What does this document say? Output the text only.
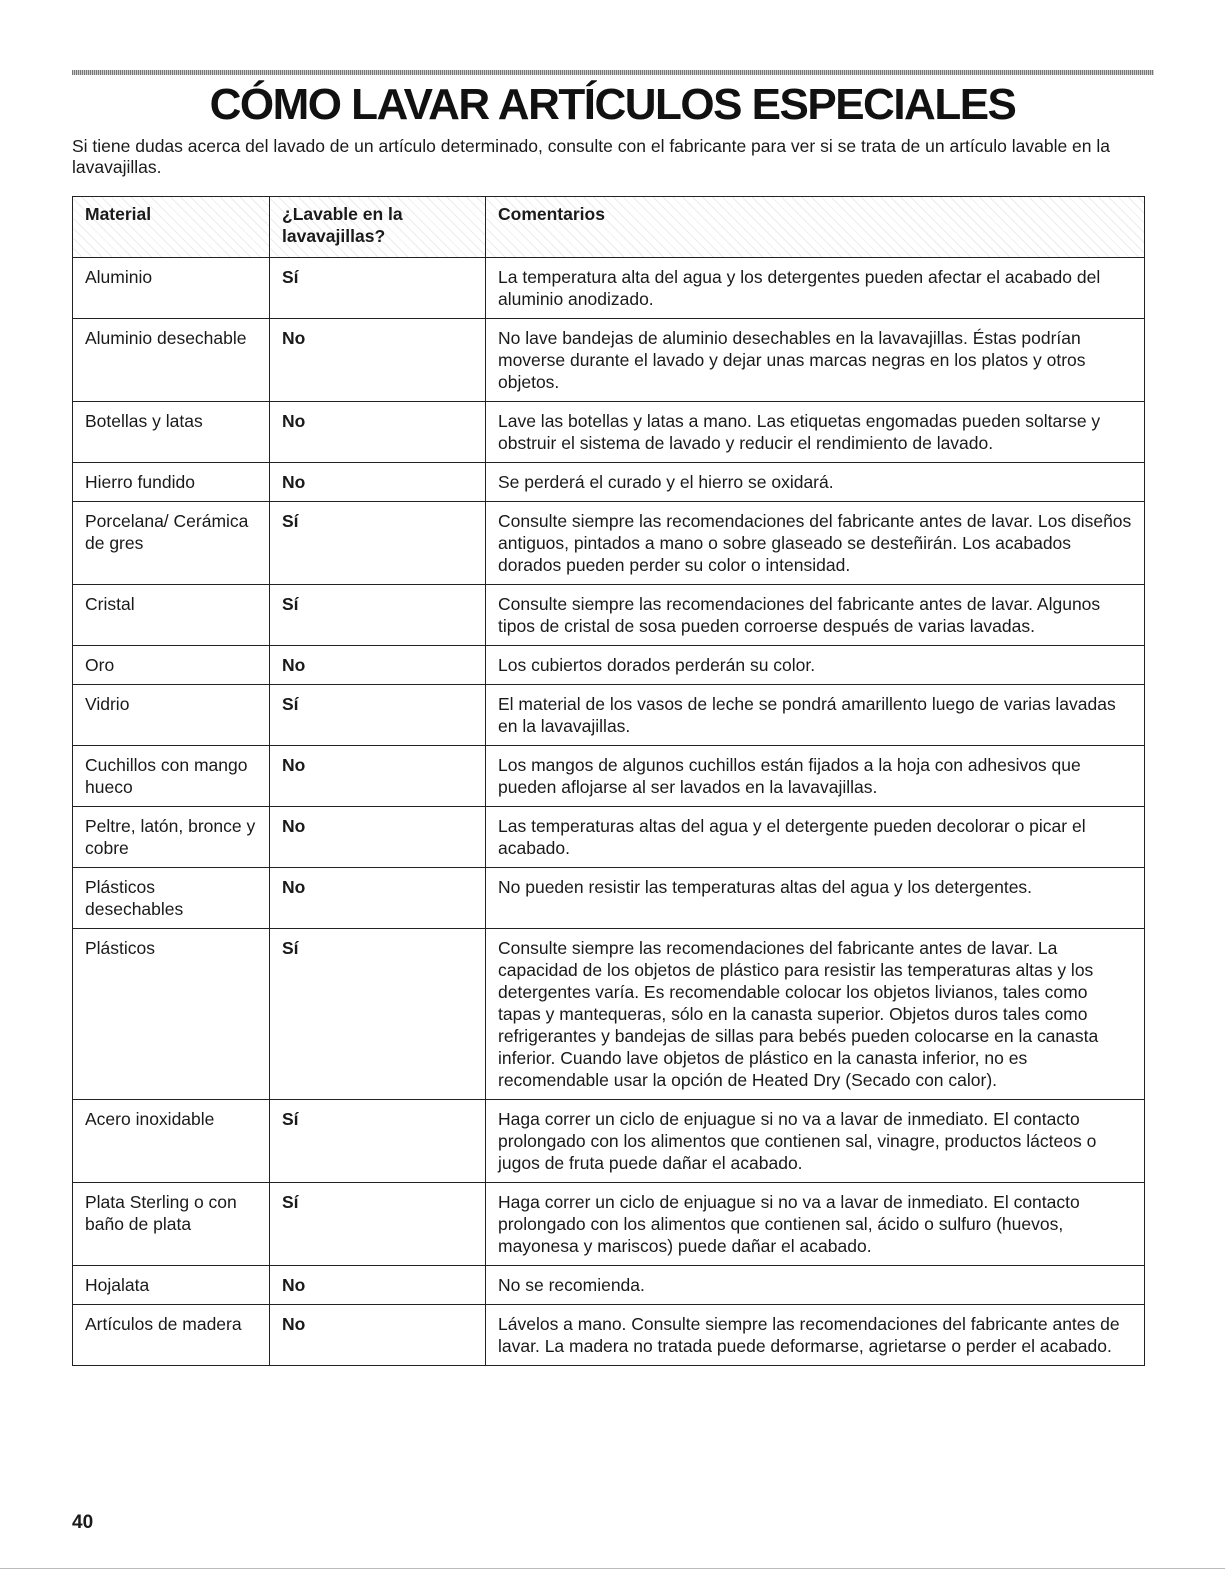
CÓMO LAVAR ARTÍCULOS ESPECIALES

Si tiene dudas acerca del lavado de un artículo determinado, consulte con el fabricante para ver si se trata de un artículo lavable en la lavavajillas.

Material	¿Lavable en la lavavajillas?	Comentarios
Aluminio	Sí	La temperatura alta del agua y los detergentes pueden afectar el acabado del aluminio anodizado.
Aluminio desechable	No	No lave bandejas de aluminio desechables en la lavavajillas. Éstas podrían moverse durante el lavado y dejar unas marcas negras en los platos y otros objetos.
Botellas y latas	No	Lave las botellas y latas a mano. Las etiquetas engomadas pueden soltarse y obstruir el sistema de lavado y reducir el rendimiento de lavado.
Hierro fundido	No	Se perderá el curado y el hierro se oxidará.
Porcelana/ Cerámica de gres	Sí	Consulte siempre las recomendaciones del fabricante antes de lavar. Los diseños antiguos, pintados a mano o sobre glaseado se desteñirán. Los acabados dorados pueden perder su color o intensidad.
Cristal	Sí	Consulte siempre las recomendaciones del fabricante antes de lavar. Algunos tipos de cristal de sosa pueden corroerse después de varias lavadas.
Oro	No	Los cubiertos dorados perderán su color.
Vidrio	Sí	El material de los vasos de leche se pondrá amarillento luego de varias lavadas en la lavavajillas.
Cuchillos con mango hueco	No	Los mangos de algunos cuchillos están fijados a la hoja con adhesivos que pueden aflojarse al ser lavados en la lavavajillas.
Peltre, latón, bronce y cobre	No	Las temperaturas altas del agua y el detergente pueden decolorar o picar el acabado.
Plásticos desechables	No	No pueden resistir las temperaturas altas del agua y los detergentes.
Plásticos	Sí	Consulte siempre las recomendaciones del fabricante antes de lavar. La capacidad de los objetos de plástico para resistir las temperaturas altas y los detergentes varía. Es recomendable colocar los objetos livianos, tales como tapas y mantequeras, sólo en la canasta superior. Objetos duros tales como refrigerantes y bandejas de sillas para bebés pueden colocarse en la canasta inferior. Cuando lave objetos de plástico en la canasta inferior, no es recomendable usar la opción de Heated Dry (Secado con calor).
Acero inoxidable	Sí	Haga correr un ciclo de enjuague si no va a lavar de inmediato. El contacto prolongado con los alimentos que contienen sal, vinagre, productos lácteos o jugos de fruta puede dañar el acabado.
Plata Sterling o con baño de plata	Sí	Haga correr un ciclo de enjuague si no va a lavar de inmediato. El contacto prolongado con los alimentos que contienen sal, ácido o sulfuro (huevos, mayonesa y mariscos) puede dañar el acabado.
Hojalata	No	No se recomienda.
Artículos de madera	No	Lávelos a mano. Consulte siempre las recomendaciones del fabricante antes de lavar. La madera no tratada puede deformarse, agrietarse o perder el acabado.

40
